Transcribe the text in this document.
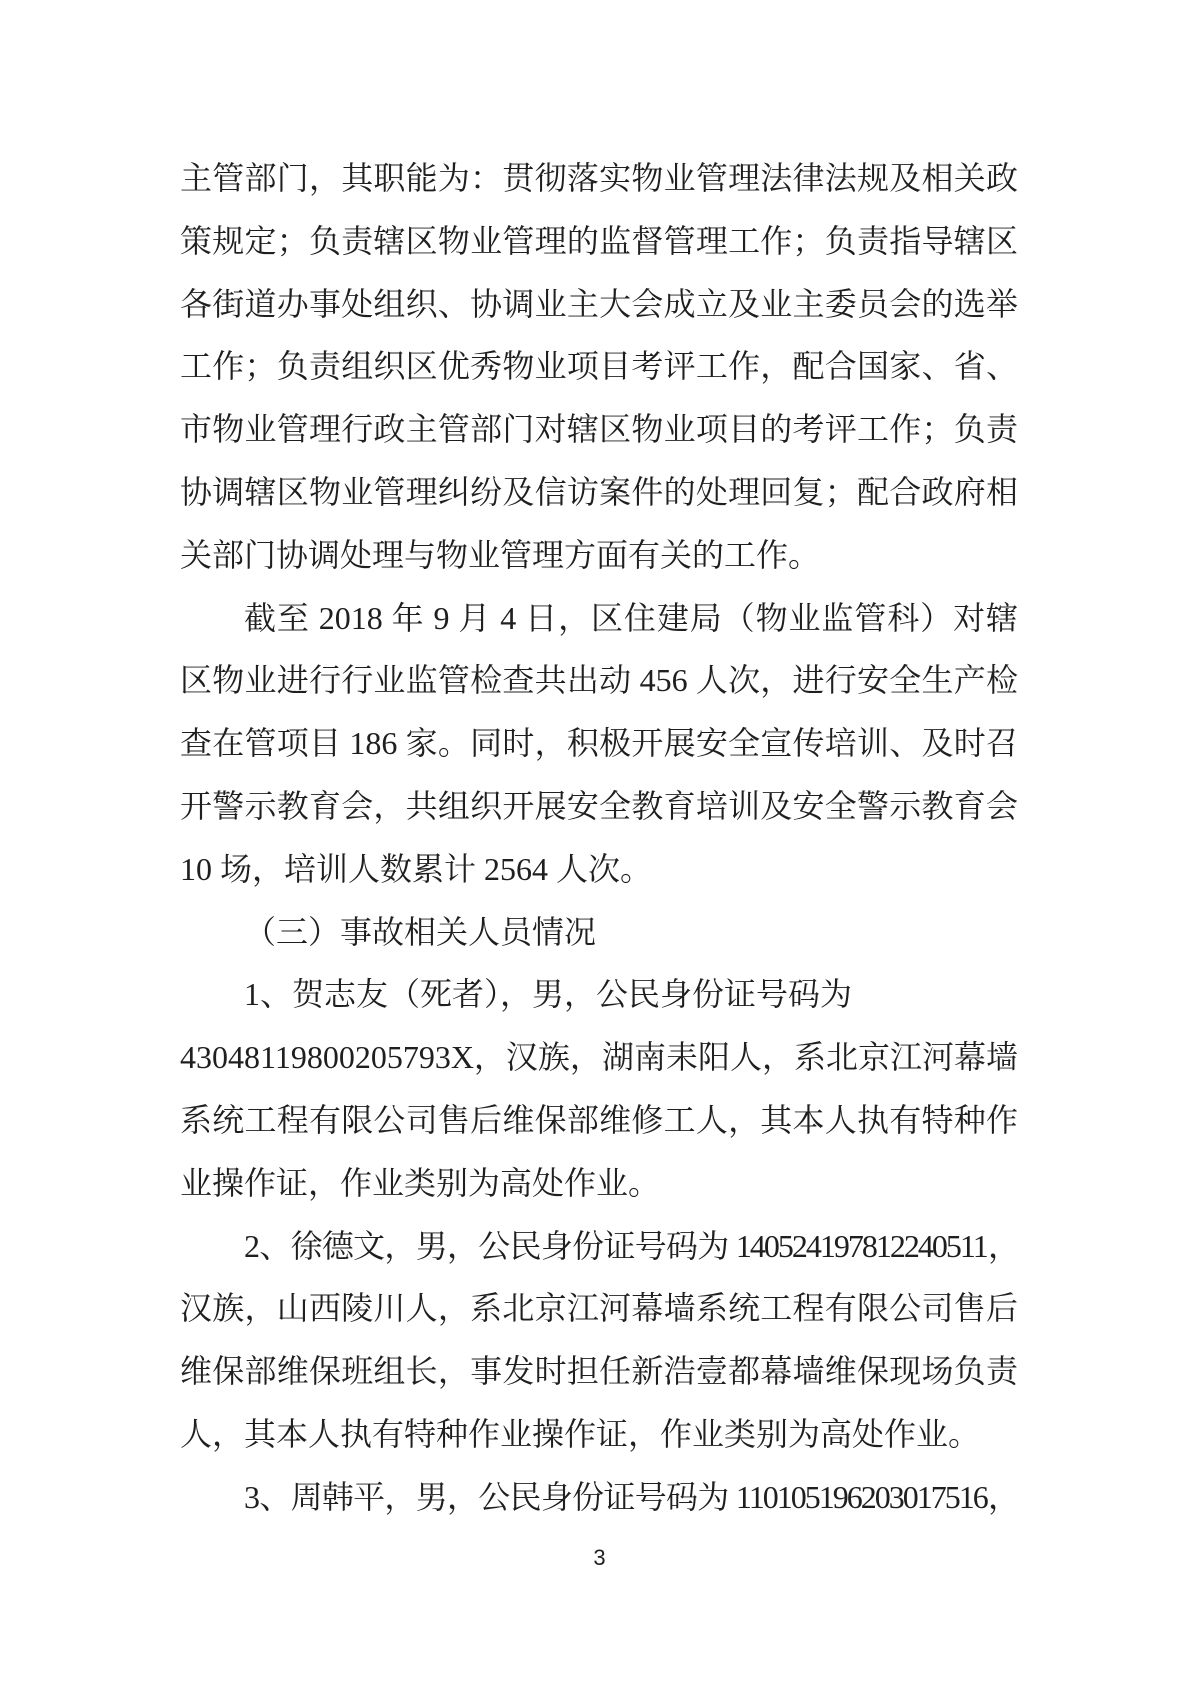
主管部门，其职能为：贯彻落实物业管理法律法规及相关政
策规定；负责辖区物业管理的监督管理工作；负责指导辖区
各街道办事处组织、协调业主大会成立及业主委员会的选举
工作；负责组织区优秀物业项目考评工作，配合国家、省、
市物业管理行政主管部门对辖区物业项目的考评工作；负责
协调辖区物业管理纠纷及信访案件的处理回复；配合政府相
关部门协调处理与物业管理方面有关的工作。
截至 2018 年 9 月 4 日，区住建局（物业监管科）对辖
区物业进行行业监管检查共出动 456 人次，进行安全生产检
查在管项目 186 家。同时，积极开展安全宣传培训、及时召
开警示教育会，共组织开展安全教育培训及安全警示教育会
10 场，培训人数累计 2564 人次。
（三）事故相关人员情况
1、贺志友（死者），男，公民身份证号码为
43048119800205793X，汉族，湖南耒阳人，系北京江河幕墙
系统工程有限公司售后维保部维修工人，其本人执有特种作
业操作证，作业类别为高处作业。
2、徐德文，男，公民身份证号码为 140524197812240511，
汉族，山西陵川人，系北京江河幕墙系统工程有限公司售后
维保部维保班组长，事发时担任新浩壹都幕墙维保现场负责
人，其本人执有特种作业操作证，作业类别为高处作业。
3、周韩平，男，公民身份证号码为 110105196203017516，
3
